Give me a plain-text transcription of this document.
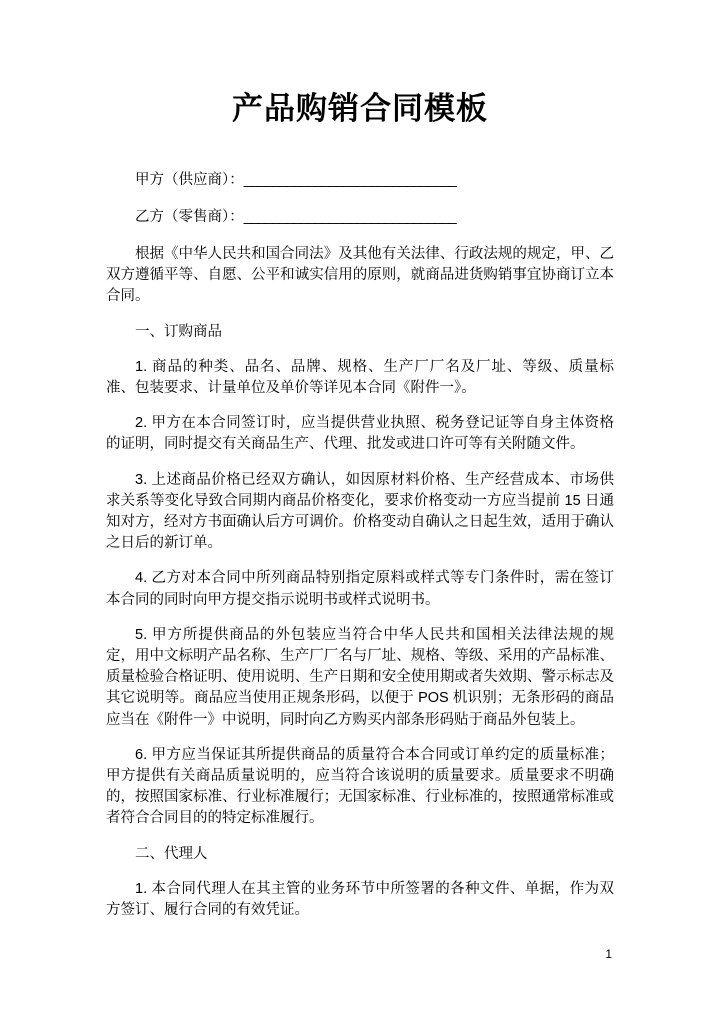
产品购销合同模板

甲方（供应商）：______________________________

乙方（零售商）：______________________________

根据《中华人民共和国合同法》及其他有关法律、行政法规的规定，甲、乙双方遵循平等、自愿、公平和诚实信用的原则，就商品进货购销事宜协商订立本合同。

一、订购商品

1. 商品的种类、品名、品牌、规格、生产厂厂名及厂址、等级、质量标准、包装要求、计量单位及单价等详见本合同《附件一》。

2. 甲方在本合同签订时，应当提供营业执照、税务登记证等自身主体资格的证明，同时提交有关商品生产、代理、批发或进口许可等有关附随文件。

3. 上述商品价格已经双方确认，如因原材料价格、生产经营成本、市场供求关系等变化导致合同期内商品价格变化，要求价格变动一方应当提前 15 日通知对方，经对方书面确认后方可调价。价格变动自确认之日起生效，适用于确认之日后的新订单。

4. 乙方对本合同中所列商品特别指定原料或样式等专门条件时，需在签订本合同的同时向甲方提交指示说明书或样式说明书。

5. 甲方所提供商品的外包装应当符合中华人民共和国相关法律法规的规定，用中文标明产品名称、生产厂厂名与厂址、规格、等级、采用的产品标准、质量检验合格证明、使用说明、生产日期和安全使用期或者失效期、警示标志及其它说明等。商品应当使用正规条形码，以便于 POS 机识别；无条形码的商品应当在《附件一》中说明，同时向乙方购买内部条形码贴于商品外包装上。

6. 甲方应当保证其所提供商品的质量符合本合同或订单约定的质量标准；甲方提供有关商品质量说明的，应当符合该说明的质量要求。质量要求不明确的，按照国家标准、行业标准履行；无国家标准、行业标准的，按照通常标准或者符合合同目的的特定标准履行。

二、代理人

1. 本合同代理人在其主管的业务环节中所签署的各种文件、单据，作为双方签订、履行合同的有效凭证。

1
